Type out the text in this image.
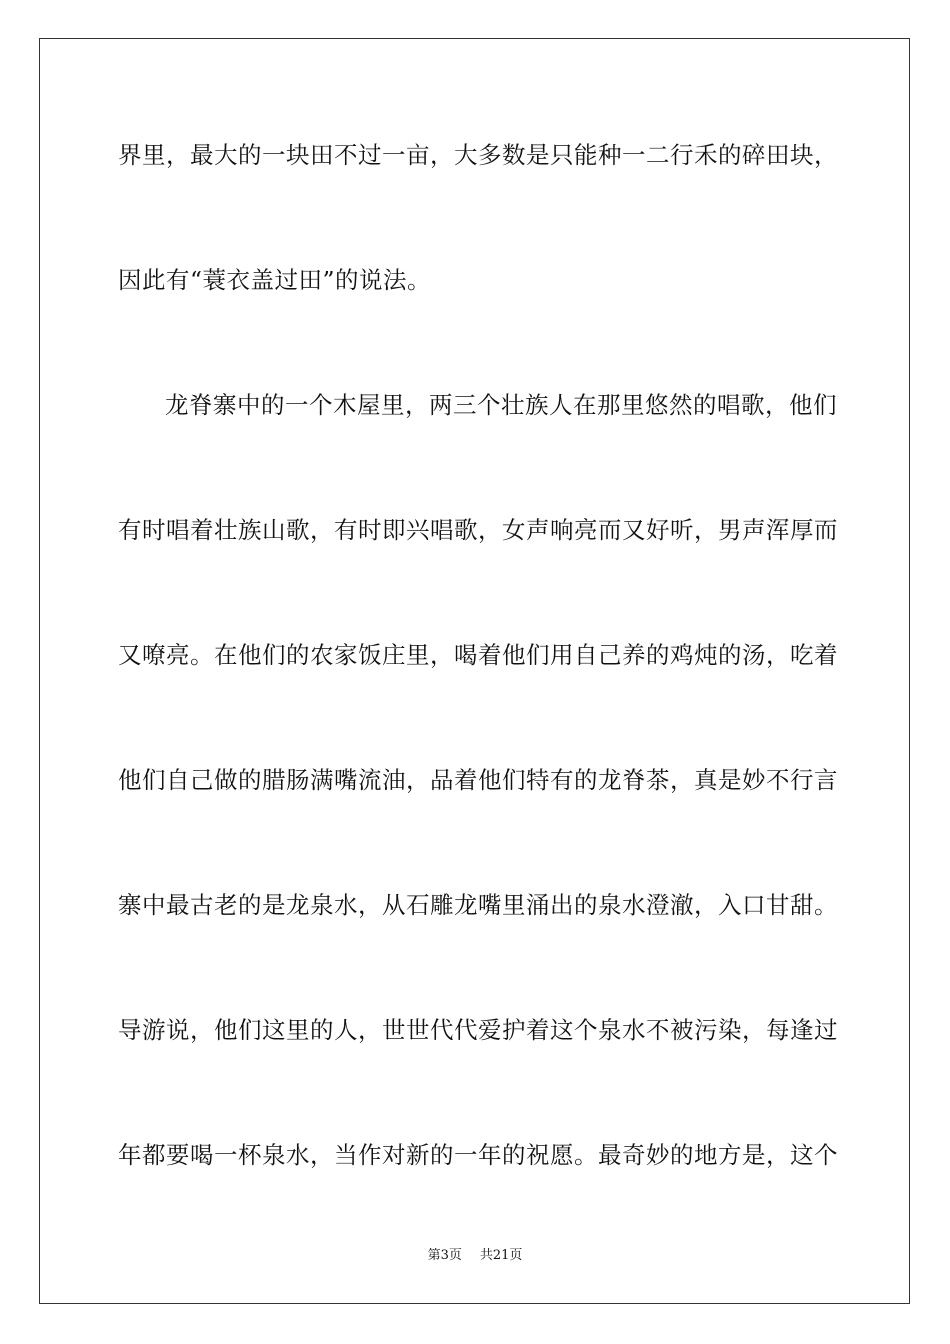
界里，最大的一块田不过一亩，大多数是只能种一二行禾的碎田块，
因此有“蓑衣盖过田”的说法。
龙脊寨中的一个木屋里，两三个壮族人在那里悠然的唱歌，他们
有时唱着壮族山歌，有时即兴唱歌，女声响亮而又好听，男声浑厚而
又嘹亮。在他们的农家饭庄里，喝着他们用自己养的鸡炖的汤，吃着
他们自己做的腊肠满嘴流油，品着他们特有的龙脊茶，真是妙不行言
寨中最古老的是龙泉水，从石雕龙嘴里涌出的泉水澄澈，入口甘甜。
导游说，他们这里的人，世世代代爱护着这个泉水不被污染，每逢过
年都要喝一杯泉水，当作对新的一年的祝愿。最奇妙的地方是，这个
第3页 共21页
